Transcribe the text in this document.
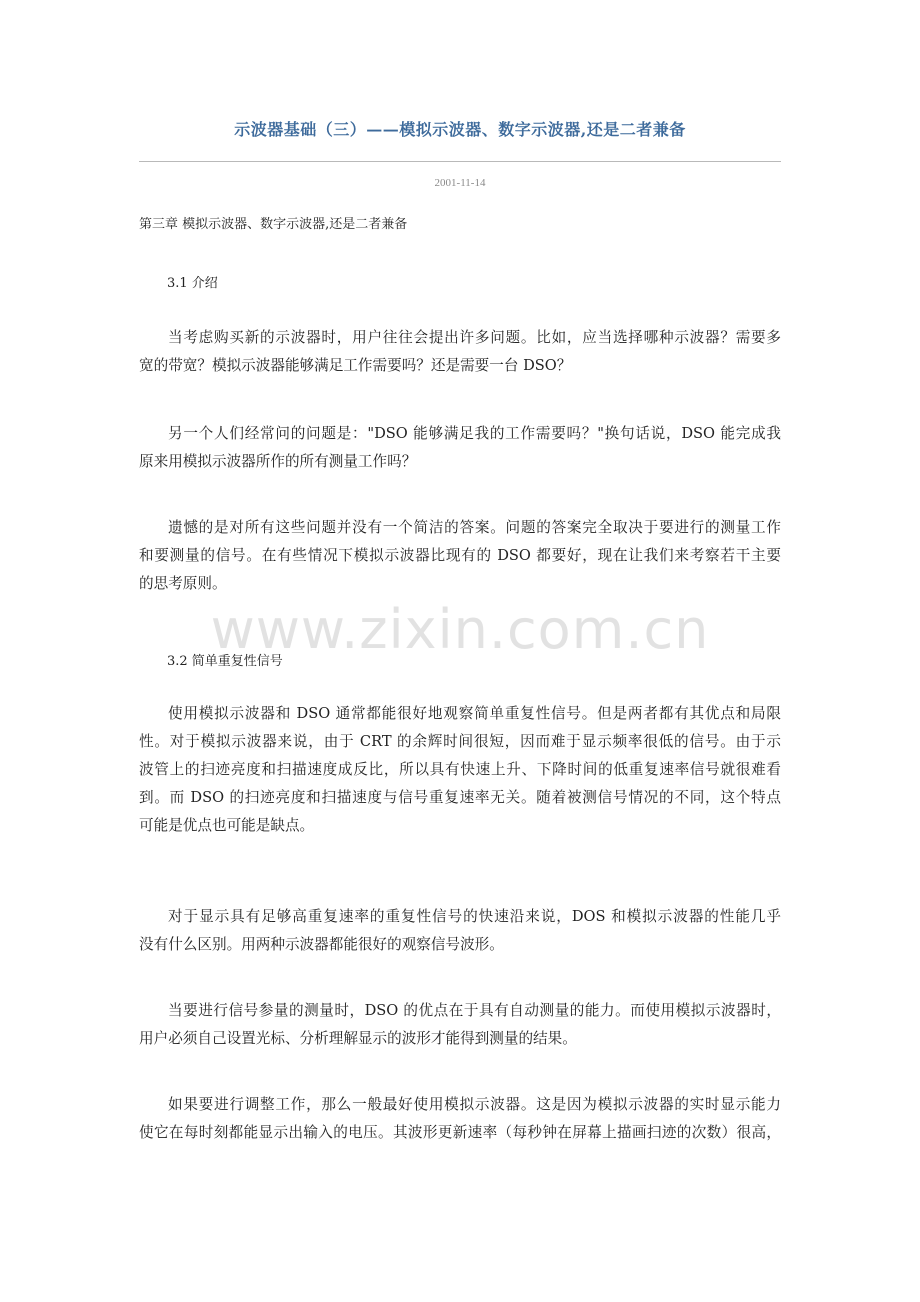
示波器基础（三）——模拟示波器、数字示波器,还是二者兼备
2001-11-14
第三章 模拟示波器、数字示波器,还是二者兼备
3.1 介绍
当考虑购买新的示波器时，用户往往会提出许多问题。比如，应当选择哪种示波器？需要多
宽的带宽？模拟示波器能够满足工作需要吗？还是需要一台 DSO？
另一个人们经常问的问题是："DSO 能够满足我的工作需要吗？"换句话说，DSO 能完成我
原来用模拟示波器所作的所有测量工作吗？
遗憾的是对所有这些问题并没有一个简洁的答案。问题的答案完全取决于要进行的测量工作
和要测量的信号。在有些情况下模拟示波器比现有的 DSO 都要好，现在让我们来考察若干主要
的思考原则。
3.2 简单重复性信号
使用模拟示波器和 DSO 通常都能很好地观察简单重复性信号。但是两者都有其优点和局限
性。对于模拟示波器来说，由于 CRT 的余辉时间很短，因而难于显示频率很低的信号。由于示
波管上的扫迹亮度和扫描速度成反比，所以具有快速上升、下降时间的低重复速率信号就很难看
到。而 DSO 的扫迹亮度和扫描速度与信号重复速率无关。随着被测信号情况的不同，这个特点
可能是优点也可能是缺点。
对于显示具有足够高重复速率的重复性信号的快速沿来说，DOS 和模拟示波器的性能几乎
没有什么区别。用两种示波器都能很好的观察信号波形。
当要进行信号参量的测量时，DSO 的优点在于具有自动测量的能力。而使用模拟示波器时，
用户必须自己设置光标、分析理解显示的波形才能得到测量的结果。
如果要进行调整工作，那么一般最好使用模拟示波器。这是因为模拟示波器的实时显示能力
使它在每时刻都能显示出输入的电压。其波形更新速率（每秒钟在屏幕上描画扫迹的次数）很高，
www.zixin.com.cn
